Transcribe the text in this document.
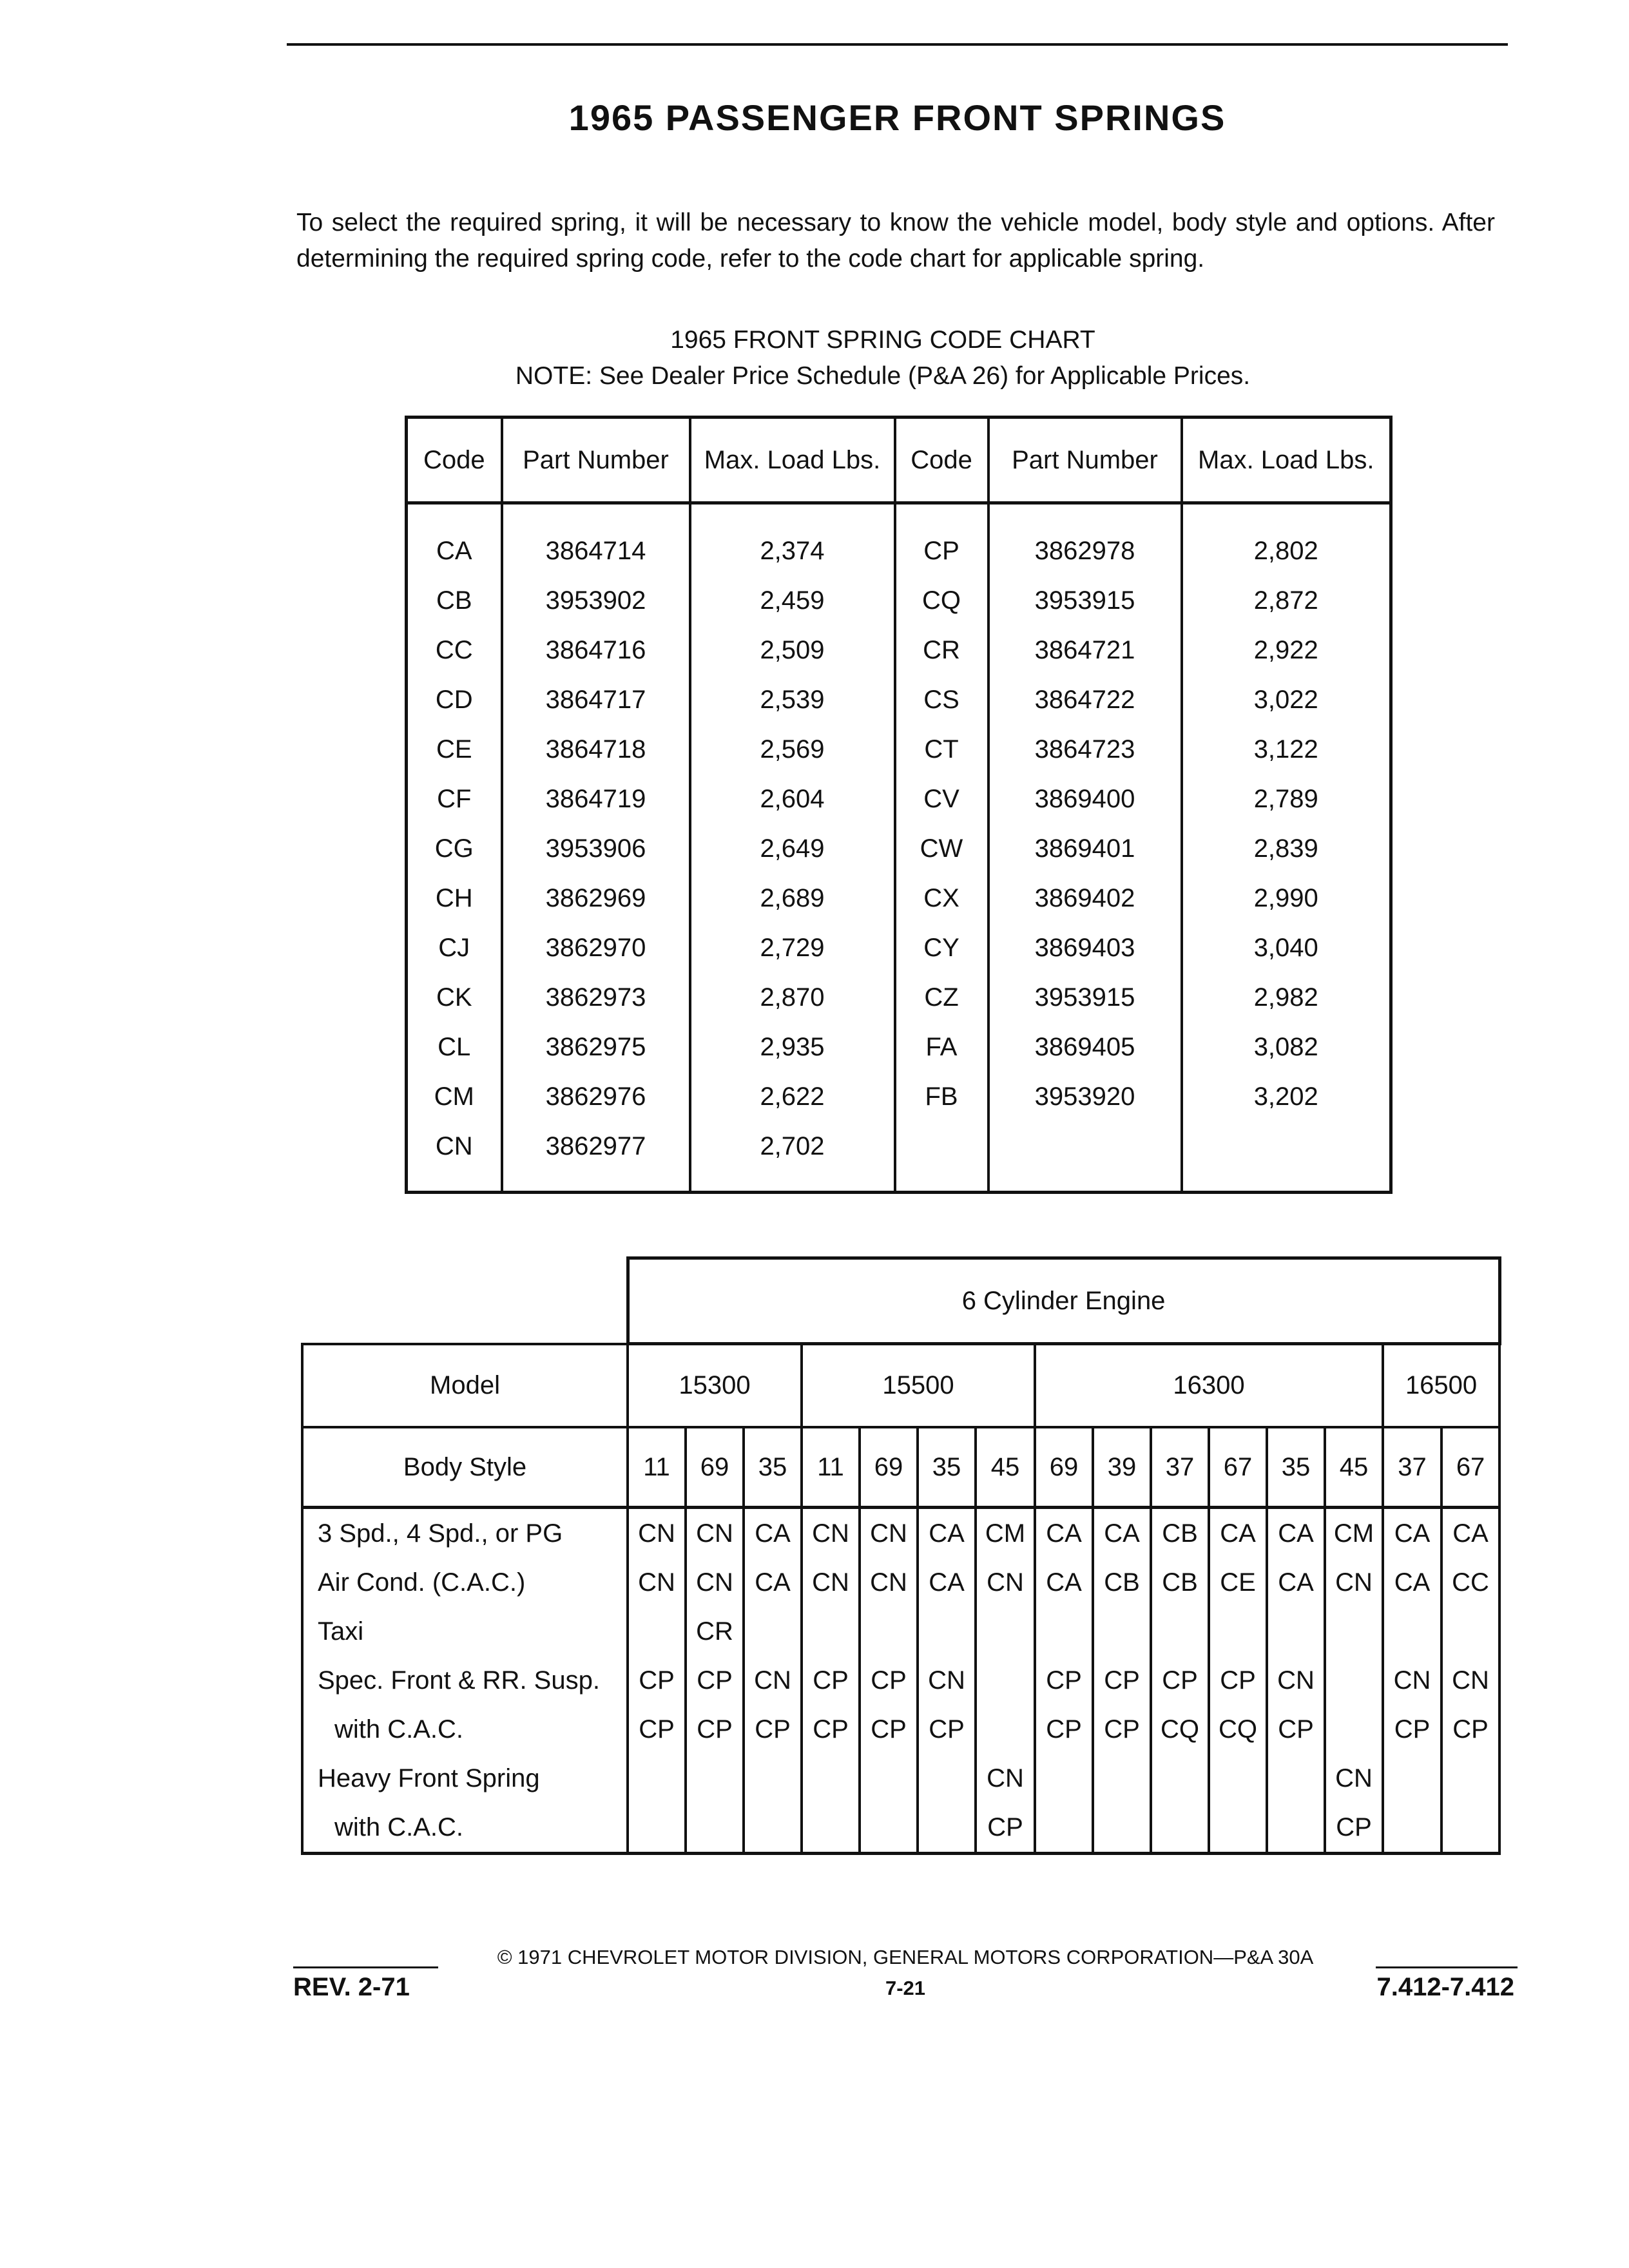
1965 PASSENGER FRONT SPRINGS

To select the required spring, it will be necessary to know the vehicle model, body style and options. After determining the required spring code, refer to the code chart for applicable spring.

1965 FRONT SPRING CODE CHART
NOTE: See Dealer Price Schedule (P&A 26) for Applicable Prices.
Code	Part Number	Max. Load Lbs.	Code	Part Number	Max. Load Lbs.
CA	3864714	2,374	CP	3862978	2,802
CB	3953902	2,459	CQ	3953915	2,872
CC	3864716	2,509	CR	3864721	2,922
CD	3864717	2,539	CS	3864722	3,022
CE	3864718	2,569	CT	3864723	3,122
CF	3864719	2,604	CV	3869400	2,789
CG	3953906	2,649	CW	3869401	2,839
CH	3862969	2,689	CX	3869402	2,990
CJ	3862970	2,729	CY	3869403	3,040
CK	3862973	2,870	CZ	3953915	2,982
CL	3862975	2,935	FA	3869405	3,082
CM	3862976	2,622	FB	3953920	3,202
CN	3862977	2,702			
	6 Cylinder Engine														
Model	15300			15500				16300						16500	
Body Style	11	69	35	11	69	35	45	69	39	37	67	35	45	37	67
3 Spd., 4 Spd., or PG	CN	CN	CA	CN	CN	CA	CM	CA	CA	CB	CA	CA	CM	CA	CA
Air Cond. (C.A.C.)	CN	CN	CA	CN	CN	CA	CN	CA	CB	CB	CE	CA	CN	CA	CC
Taxi		CR													
Spec. Front & RR. Susp.	CP	CP	CN	CP	CP	CN		CP	CP	CP	CP	CN		CN	CN
with C.A.C.	CP	CP	CP	CP	CP	CP		CP	CP	CQ	CQ	CP		CP	CP
Heavy Front Spring							CN						CN		
with C.A.C.							CP						CP		
© 1971 CHEVROLET MOTOR DIVISION, GENERAL MOTORS CORPORATION—P&A 30A
REV. 2-71	7-21	7.412-7.412
